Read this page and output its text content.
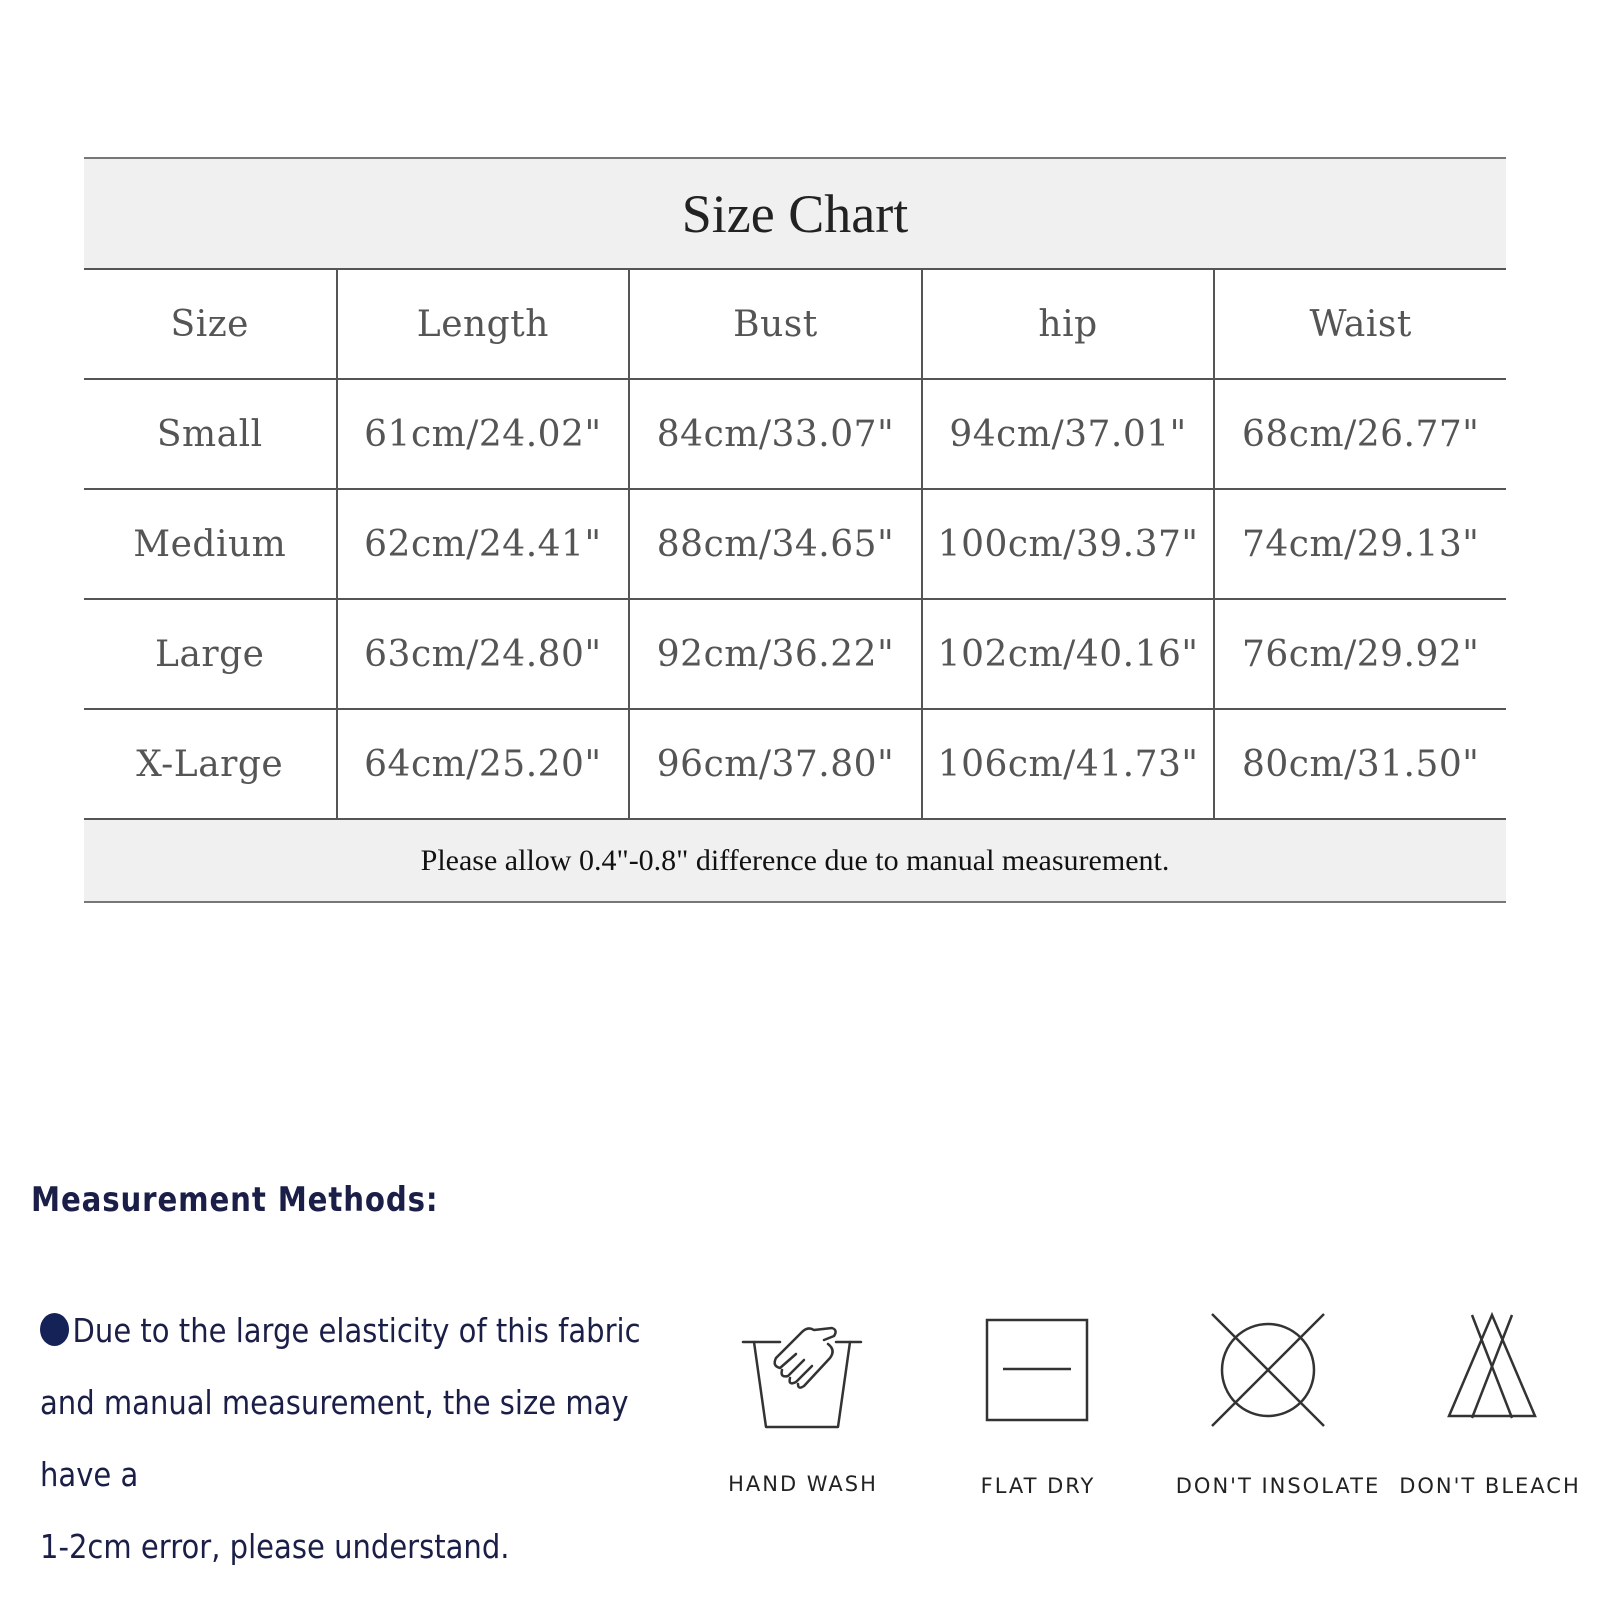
Size Chart				
Size	Length	Bust	hip	Waist
Small	61cm/24.02"	84cm/33.07"	94cm/37.01"	68cm/26.77"
Medium	62cm/24.41"	88cm/34.65"	100cm/39.37"	74cm/29.13"
Large	63cm/24.80"	92cm/36.22"	102cm/40.16"	76cm/29.92"
X-Large	64cm/25.20"	96cm/37.80"	106cm/41.73"	80cm/31.50"
Please allow 0.4"-0.8" difference due to manual measurement.				
Measurement Methods:
Due to the large elasticity of this fabric
and manual measurement, the size may have a
1-2cm error, please understand.
HAND WASH	FLAT DRY	DON'T INSOLATE DON'T BLEACH
